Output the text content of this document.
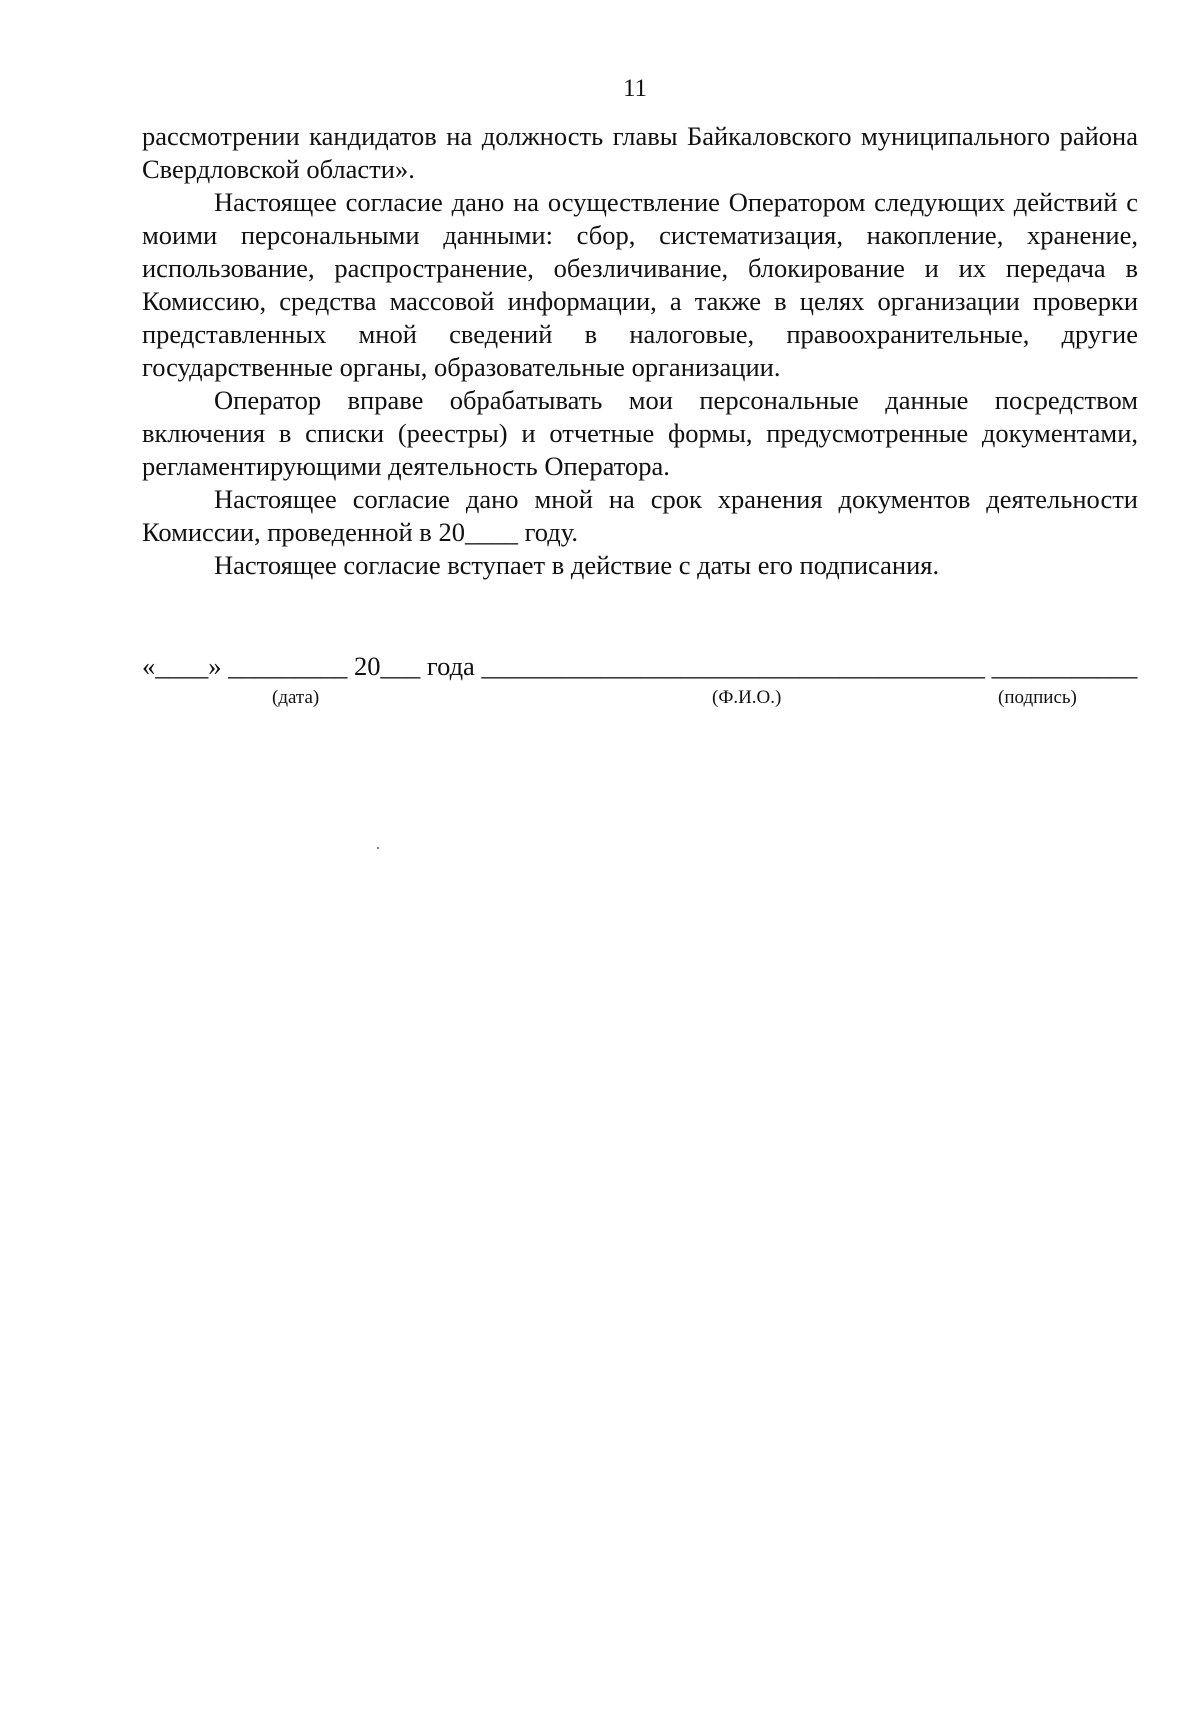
11

рассмотрении кандидатов на должность главы Байкаловского муниципального района Свердловской области».

Настоящее согласие дано на осуществление Оператором следующих действий с моими персональными данными: сбор, систематизация, накопление, хранение, использование, распространение, обезличивание, блокирование и их передача в Комиссию, средства массовой информации, а также в целях организации проверки представленных мной сведений в налоговые, правоохранительные, другие государственные органы, образовательные организации.

Оператор вправе обрабатывать мои персональные данные посредством включения в списки (реестры) и отчетные формы, предусмотренные документами, регламентирующими деятельность Оператора.

Настоящее согласие дано мной на срок хранения документов деятельности Комиссии, проведенной в 20____ году.

Настоящее согласие вступает в действие с даты его подписания.

«____» _________ 20___ года ______________________________________ ___________
(дата)	(Ф.И.О.)	(подпись)
